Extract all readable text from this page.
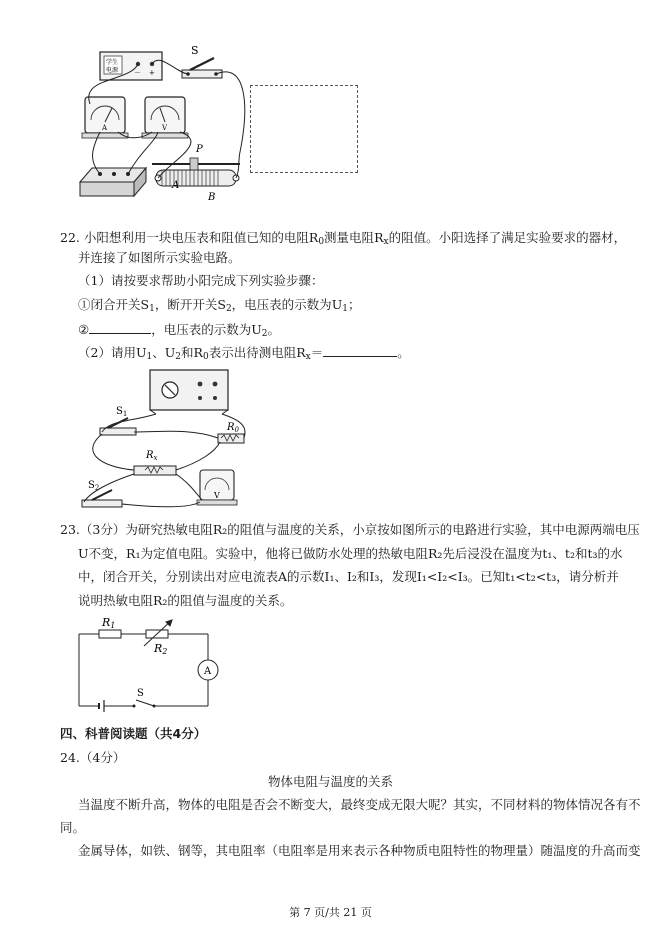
学生
电源 － +
S
A	V
P
A
B
22. 小阳想利用一块电压表和阻值已知的电阻$R_0$测量电阻$R_x$的阻值。小阳选择了满足实验要求的器材，
并连接了如图所示实验电路。
（1）请按要求帮助小阳完成下列实验步骤：
①闭合开关$S_1$，断开开关$S_2$，电压表的示数为$U_1$；
②	，电压表的示数为$U_2$。
（2）请用$U_1$、$U_2$和$R_0$表示出待测电阻$R_x=$	。
$S_1$
$R_0$
$R_x$
$S_2$
V
23.（3分）为研究热敏电阻R₂的阻值与温度的关系，小京按如图所示的电路进行实验，其中电源两端电压
U不变，R₁为定值电阻。实验中，他将已做防水处理的热敏电阻R₂先后浸没在温度为t₁、t₂和t₃的水
中，闭合开关，分别读出对应电流表A的示数I₁、I₂和I₃，发现I₁<I₂<I₃。已知t₁<t₂<t₃，请分析并
说明热敏电阻R₂的阻值与温度的关系。
R1
R2
A
S
四、科普阅读题（共4分）
24.（4分）
物体电阻与温度的关系
当温度不断升高，物体的电阻是否会不断变大，最终变成无限大呢？其实，不同材料的物体情况各有不
同。
金属导体，如铁、钢等，其电阻率（电阻率是用来表示各种物质电阻特性的物理量）随温度的升高而变
第 7 页/共 21 页
